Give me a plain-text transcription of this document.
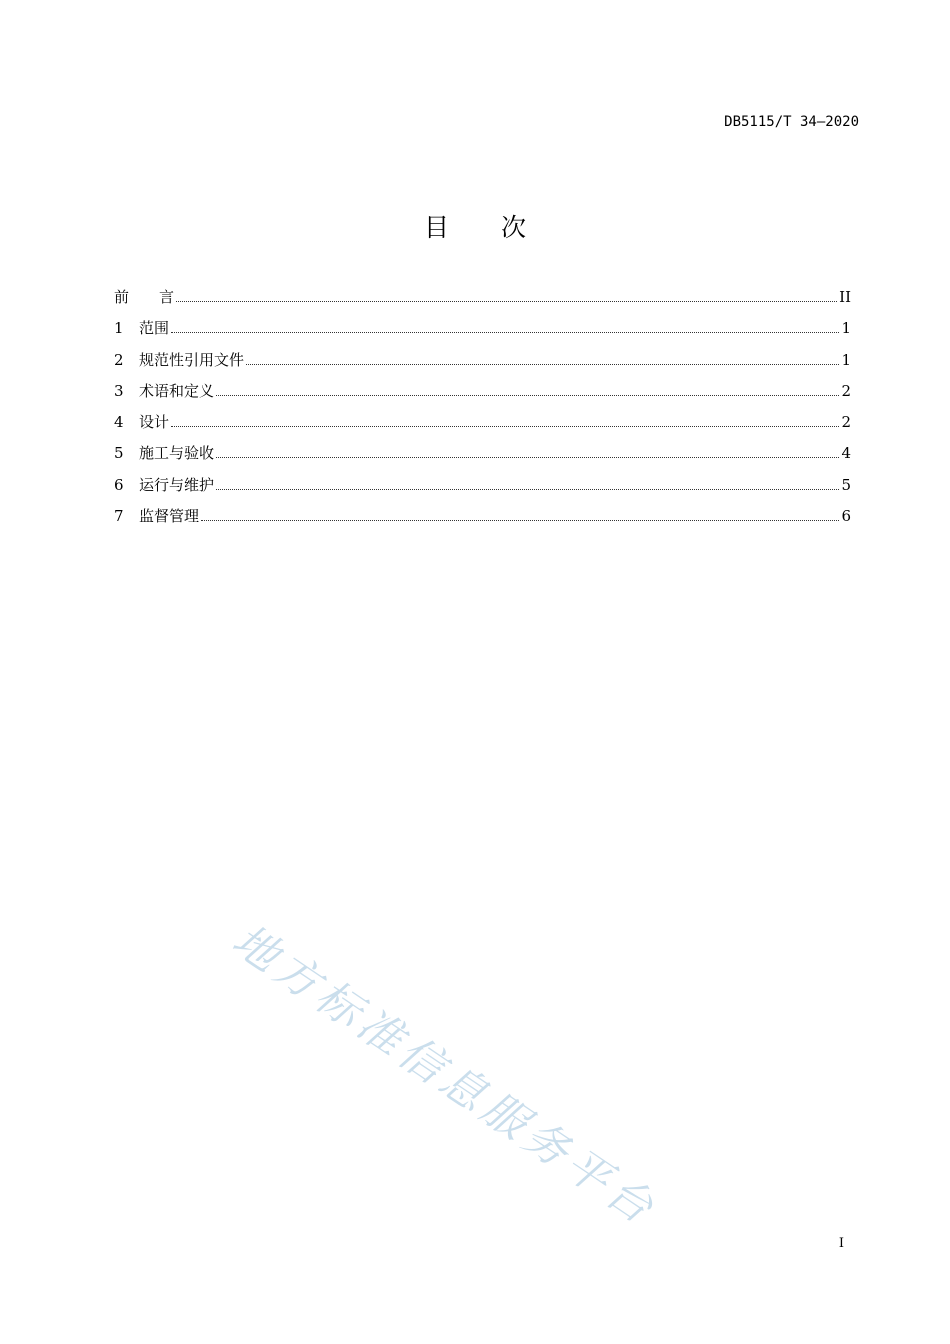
DB5115/T 34—2020
目次
前　　言	II
1	范围	1
2	规范性引用文件	1
3	术语和定义	2
4	设计	2
5	施工与验收	4
6	运行与维护	5
7	监督管理	6
地方标准信息服务平台
I
